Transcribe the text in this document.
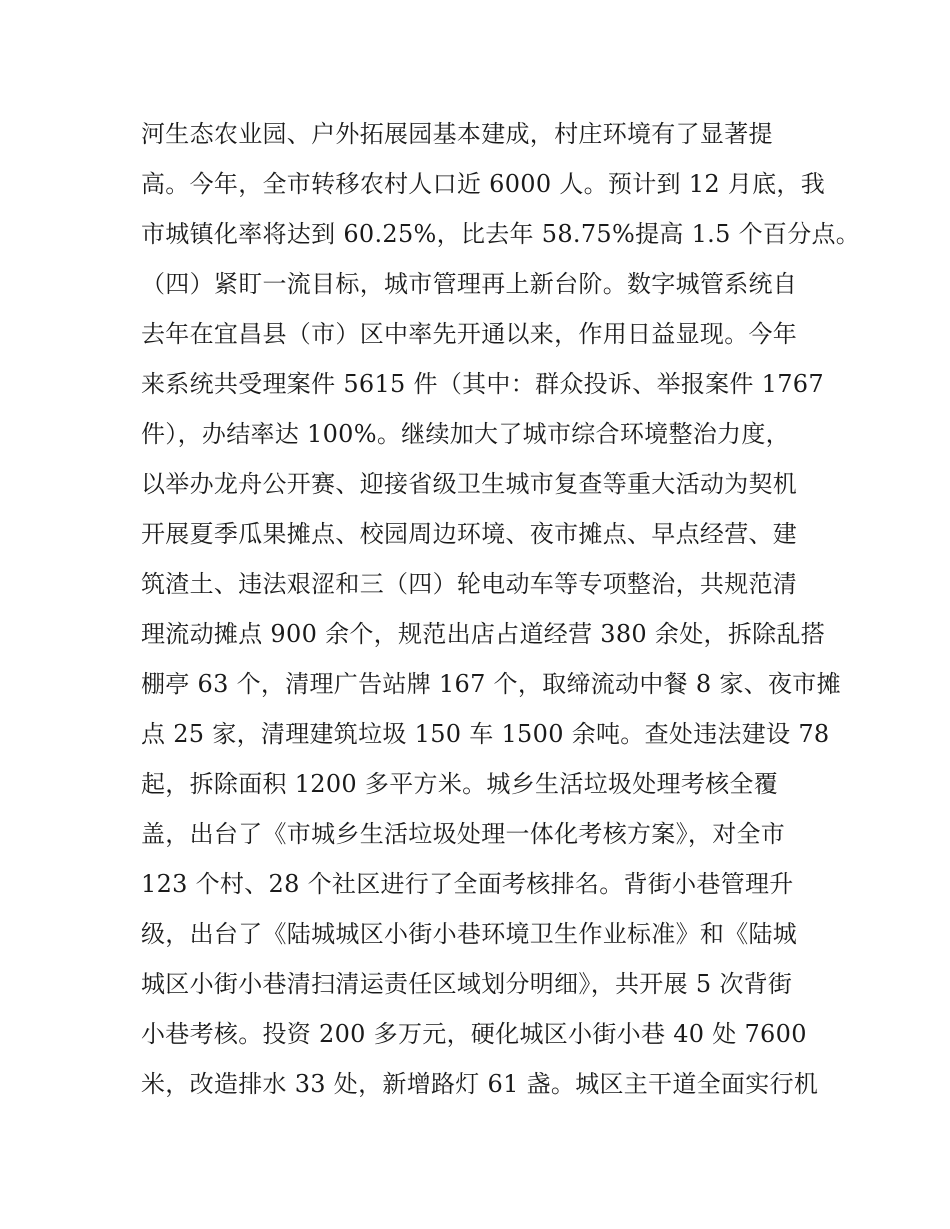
河生态农业园、户外拓展园基本建成，村庄环境有了显著提
高。今年，全市转移农村人口近 6000 人。预计到 12 月底，我
市城镇化率将达到 60.25%，比去年 58.75%提高 1.5 个百分点。
（四）紧盯一流目标，城市管理再上新台阶。数字城管系统自
去年在宜昌县（市）区中率先开通以来，作用日益显现。今年
来系统共受理案件 5615 件（其中：群众投诉、举报案件 1767
件），办结率达 100%。继续加大了城市综合环境整治力度，
以举办龙舟公开赛、迎接省级卫生城市复查等重大活动为契机
开展夏季瓜果摊点、校园周边环境、夜市摊点、早点经营、建
筑渣土、违法艰涩和三（四）轮电动车等专项整治，共规范清
理流动摊点 900 余个，规范出店占道经营 380 余处，拆除乱搭
棚亭 63 个，清理广告站牌 167 个，取缔流动中餐 8 家、夜市摊
点 25 家，清理建筑垃圾 150 车 1500 余吨。查处违法建设 78
起，拆除面积 1200 多平方米。城乡生活垃圾处理考核全覆
盖，出台了《市城乡生活垃圾处理一体化考核方案》，对全市
123 个村、28 个社区进行了全面考核排名。背街小巷管理升
级，出台了《陆城城区小街小巷环境卫生作业标准》和《陆城
城区小街小巷清扫清运责任区域划分明细》，共开展 5 次背街
小巷考核。投资 200 多万元，硬化城区小街小巷 40 处 7600
米，改造排水 33 处，新增路灯 61 盏。城区主干道全面实行机
